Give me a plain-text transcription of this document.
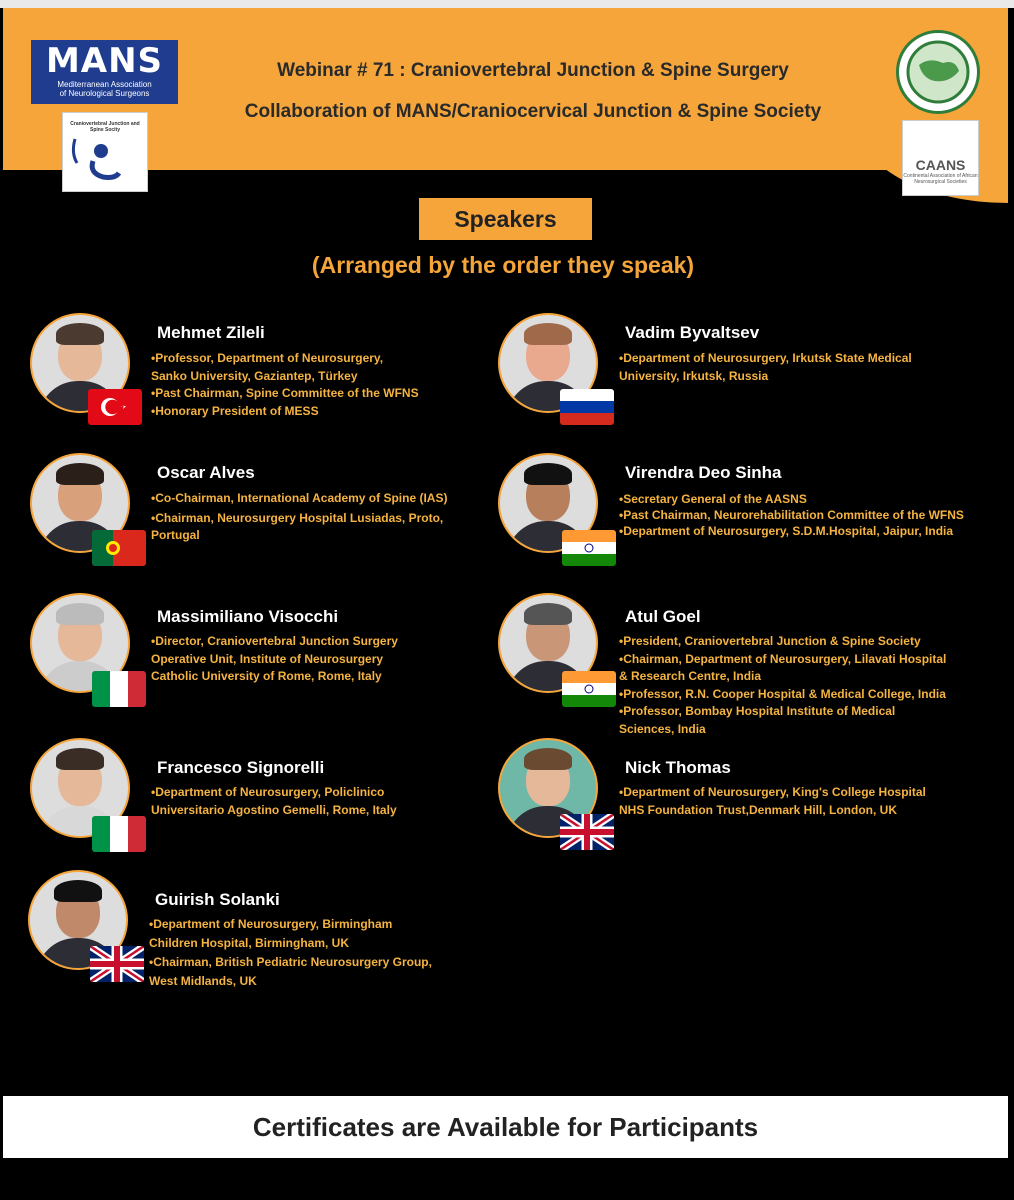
MANS
Mediterranean Association
of Neurological Surgeons
Craniovertebral Junction and Spine Socity
CAANS
Continental Association of African Neurosurgical Societies
Webinar # 71 : Craniovertebral Junction & Spine Surgery
Collaboration of MANS/Craniocervical Junction & Spine Society
Speakers
(Arranged by the order they speak)
Mehmet Zileli
•Professor, Department of Neurosurgery,
Sanko University, Gaziantep, Türkey
•Past Chairman, Spine Committee of the WFNS
•Honorary President of MESS
Vadim Byvaltsev
•Department of Neurosurgery, Irkutsk State Medical
University, Irkutsk, Russia
Oscar Alves
•Co-Chairman, International Academy of Spine (IAS)
•Chairman, Neurosurgery Hospital Lusiadas, Proto,
Portugal
Virendra Deo Sinha
•Secretary General of the AASNS
•Past Chairman, Neurorehabilitation Committee of the WFNS
•Department of Neurosurgery, S.D.M.Hospital, Jaipur, India
Massimiliano Visocchi
•Director, Craniovertebral Junction Surgery
Operative Unit, Institute of Neurosurgery
Catholic University of Rome, Rome, Italy
Atul Goel
•President, Craniovertebral Junction & Spine Society
•Chairman, Department of Neurosurgery, Lilavati Hospital
& Research Centre, India
•Professor, R.N. Cooper Hospital & Medical College, India
•Professor, Bombay Hospital Institute of Medical
Sciences, India
Francesco Signorelli
•Department of Neurosurgery, Policlinico
Universitario Agostino Gemelli, Rome, Italy
Nick Thomas
•Department of Neurosurgery, King's College Hospital
NHS Foundation Trust,Denmark Hill, London, UK
Guirish Solanki
•Department of Neurosurgery, Birmingham
Children Hospital, Birmingham, UK
•Chairman, British Pediatric Neurosurgery Group,
West Midlands, UK
Certificates are Available for Participants
